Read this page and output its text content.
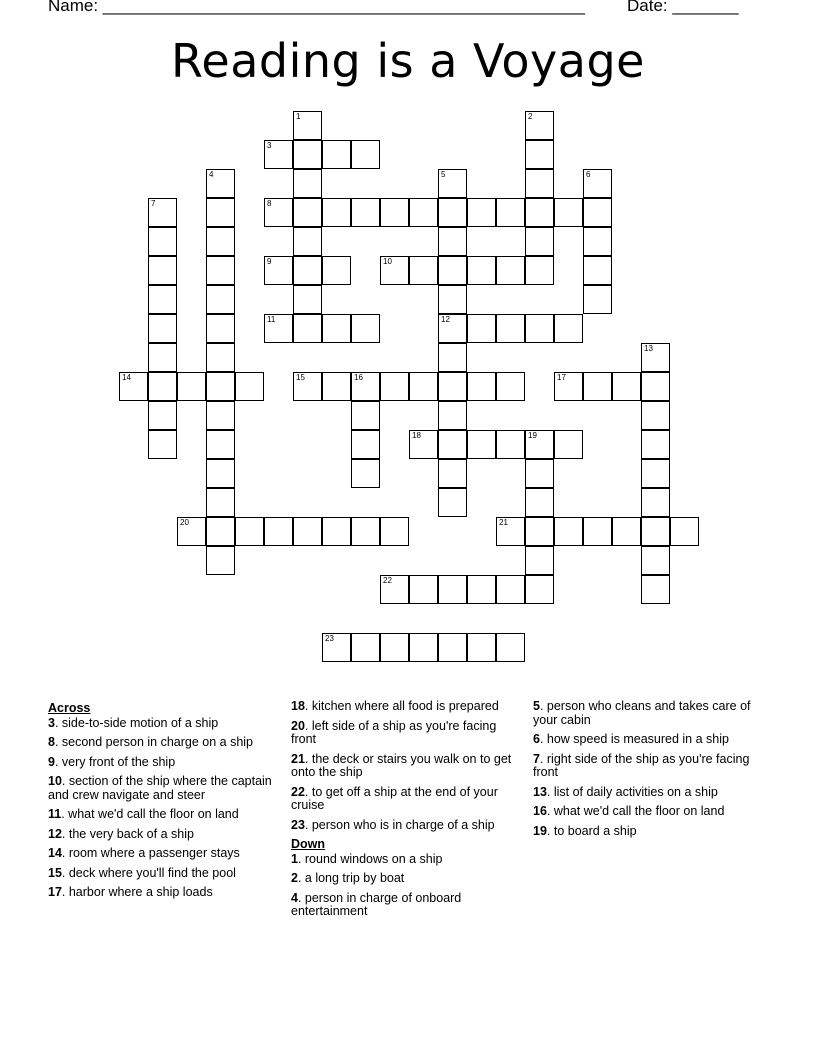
Name: ___________________________________________________ Date: _______
Reading is a Voyage
1	2
3
4	5	6
7	8
9	10
11	12
13
14	15	16	17
18	19
20	21
22
23
Across
3. side-to-side motion of a ship
8. second person in charge on a ship
9. very front of the ship
10. section of the ship where the captain and crew navigate and steer
11. what we'd call the floor on land
12. the very back of a ship
14. room where a passenger stays
15. deck where you'll find the pool
17. harbor where a ship loads
18. kitchen where all food is prepared
20. left side of a ship as you're facing front
21. the deck or stairs you walk on to get onto the ship
22. to get off a ship at the end of your cruise
23. person who is in charge of a ship
Down
1. round windows on a ship
2. a long trip by boat
4. person in charge of onboard entertainment
5. person who cleans and takes care of your cabin
6. how speed is measured in a ship
7. right side of the ship as you're facing front
13. list of daily activities on a ship
16. what we'd call the floor on land
19. to board a ship
